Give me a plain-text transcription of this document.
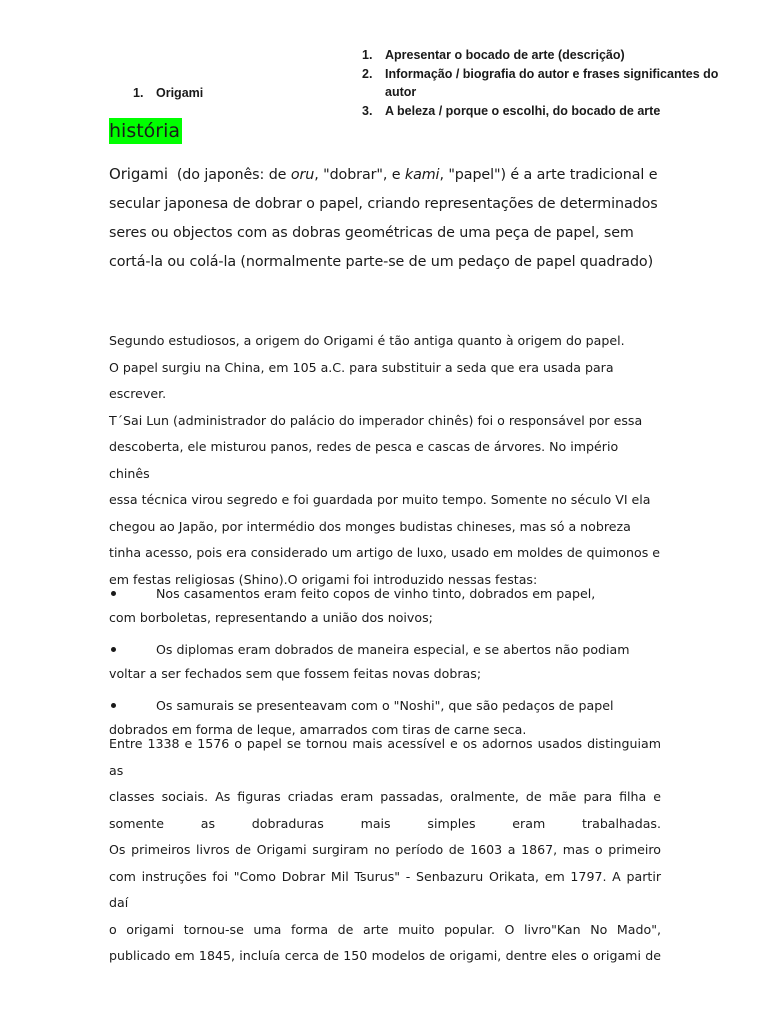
1.	Apresentar o bocado de arte (descrição)
2.	Informação / biografia do autor e frases significantes do autor
3.	A beleza / porque o escolhi, do bocado de arte
1.	Origami
história
Origami  (do japonês: de oru, "dobrar", e kami, "papel") é a arte tradicional e secular japonesa de dobrar o papel, criando representações de determinados seres ou objectos com as dobras geométricas de uma peça de papel, sem cortá-la ou colá-la (normalmente parte-se de um pedaço de papel quadrado)

Segundo estudiosos, a origem do Origami é tão antiga quanto à origem do papel.

O papel surgiu na China, em 105 a.C. para substituir a seda que era usada para escrever.

T´Sai Lun (administrador do palácio do imperador chinês) foi o responsável por essa

descoberta, ele misturou panos, redes de pesca e cascas de árvores. No império chinês

essa técnica virou segredo e foi guardada por muito tempo. Somente no século VI ela

chegou ao Japão, por intermédio dos monges budistas chineses, mas só a nobreza

tinha acesso, pois era considerado um artigo de luxo, usado em moldes de quimonos e

em festas religiosas (Shino).O origami foi introduzido nessas festas:

Nos casamentos eram feito copos de vinho tinto, dobrados em papel,
com borboletas, representando a união dos noivos;
Os diplomas eram dobrados de maneira especial, e se abertos não podiam
voltar a ser fechados sem que fossem feitas novas dobras;
Os samurais se presenteavam com o "Noshi", que são pedaços de papel
dobrados em forma de leque, amarrados com tiras de carne seca.

Entre 1338 e 1576 o papel se tornou mais acessível e os adornos usados distinguiam as

classes sociais. As figuras criadas eram passadas, oralmente, de mãe para filha e

somente as dobraduras mais simples eram trabalhadas.

Os primeiros livros de Origami surgiram no período de 1603 a 1867, mas o primeiro

com instruções foi "Como Dobrar Mil Tsurus" - Senbazuru Orikata, em 1797. A partir daí

o origami tornou-se uma forma de arte muito popular. O livro"Kan No Mado",

publicado em 1845, incluía cerca de 150 modelos de origami, dentre eles o origami de
